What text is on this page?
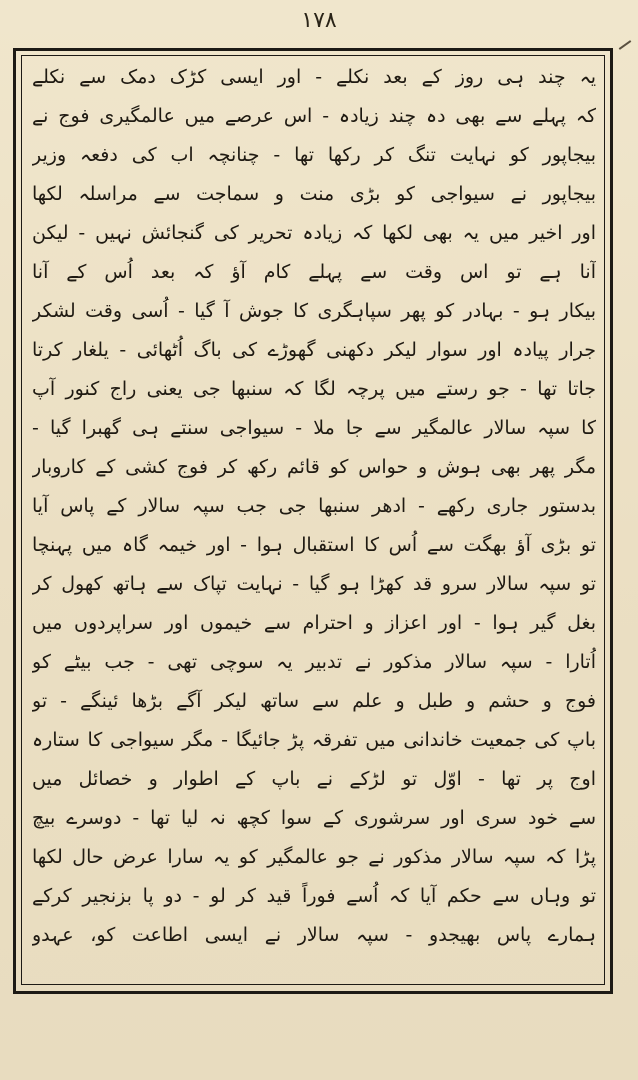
۱۷۸
یہ چند ہی روز کے بعد نکلے - اور ایسی کڑک دمک سے نکلے
کہ پہلے سے بھی دہ چند زیادہ - اس عرصے میں عالمگیری فوج نے
بیجاپور کو نہایت تنگ کر رکھا تھا - چنانچہ اب کی دفعہ وزیر
بیجاپور نے سیواجی کو بڑی منت و سماجت سے مراسلہ لکھا
اور اخیر میں یہ بھی لکھا کہ زیادہ تحریر کی گنجائش نہیں - لیکن
آنا ہے تو اس وقت سے پہلے کام آؤ کہ بعد اُس کے آنا
بیکار ہو - بہادر کو پھر سپاہگری کا جوش آ گیا - اُسی وقت لشکر
جرار پیادہ اور سوار لیکر دکھنی گھوڑے کی باگ اُٹھائی - یلغار کرتا
جاتا تھا - جو رستے میں پرچہ لگا کہ سنبھا جی یعنی راج کنور آپ
کا سپہ سالار عالمگیر سے جا ملا - سیواجی سنتے ہی گھبرا گیا -
مگر پھر بھی ہوش و حواس کو قائم رکھ کر فوج کشی کے کاروبار
بدستور جاری رکھے - ادھر سنبھا جی جب سپہ سالار کے پاس آیا
تو بڑی آؤ بھگت سے اُس کا استقبال ہوا - اور خیمہ گاہ میں پہنچا
تو سپہ سالار سرو قد کھڑا ہو گیا - نہایت تپاک سے ہاتھ کھول کر
بغل گیر ہوا - اور اعزاز و احترام سے خیموں اور سراپردوں میں
اُتارا - سپہ سالار مذکور نے تدبیر یہ سوچی تھی - جب بیٹے کو
فوج و حشم و طبل و علم سے ساتھ لیکر آگے بڑھا ئینگے - تو
باپ کی جمعیت خاندانی میں تفرقہ پڑ جائیگا - مگر سیواجی کا ستارہ
اوج پر تھا - اوّل تو لڑکے نے باپ کے اطوار و خصائل میں
سے خود سری اور سرشوری کے سوا کچھ نہ لیا تھا - دوسرے بیچ
پڑا کہ سپہ سالار مذکور نے جو عالمگیر کو یہ سارا عرض حال لکھا
تو وہاں سے حکم آیا کہ اُسے فوراً قید کر لو - دو پا بزنجیر کرکے
ہمارے پاس بھیجدو - سپہ سالار نے ایسی اطاعت کو، عہدو
